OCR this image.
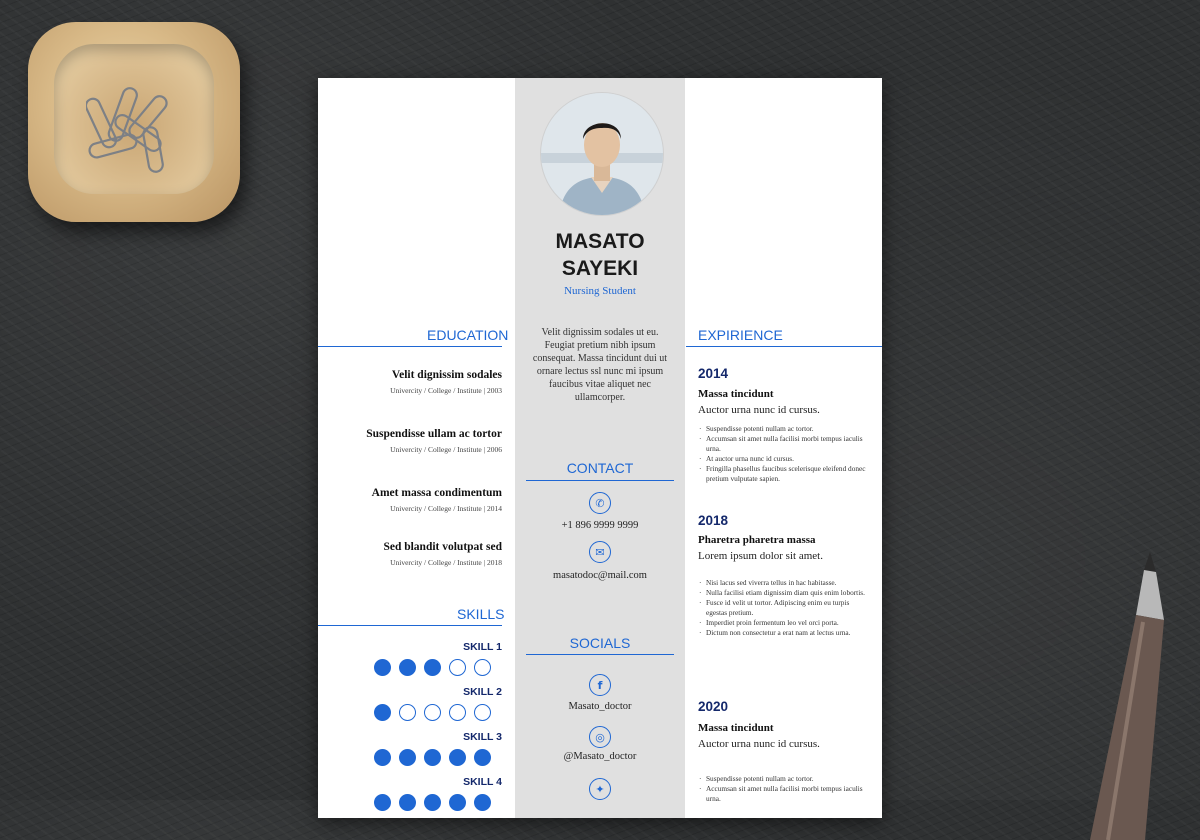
MASATO
SAYEKI
Nursing Student
Velit dignissim sodales ut eu. Feugiat pretium nibh ipsum consequat. Massa tincidunt dui ut ornare lectus ssl nunc mi ipsum faucibus vitae aliquet nec ullamcorper.
EDUCATION
Velit dignissim sodales
Univercity / College / Institute | 2003
Suspendisse ullam ac tortor
Univercity / College / Institute | 2006
Amet massa condimentum
Univercity / College / Institute | 2014
Sed blandit volutpat sed
Univercity / College / Institute | 2018
SKILLS
SKILL 1
SKILL 2
SKILL 3
SKILL 4
CONTACT
✆
+1 896 9999 9999
✉
masatodoc@mail.com
SOCIALS
f
Masato_doctor
◎
@Masato_doctor
✦
EXPIRIENCE
2014
Massa tincidunt
Auctor urna nunc id cursus.
· Suspendisse potenti nullam ac tortor.
· Accumsan sit amet nulla facilisi morbi tempus iaculis urna.
· At auctor urna nunc id cursus.
· Fringilla phasellus faucibus scelerisque eleifend donec pretium vulputate sapien.
2018
Pharetra pharetra massa
Lorem ipsum dolor sit amet.
· Nisi lacus sed viverra tellus in hac habitasse.
· Nulla facilisi etiam dignissim diam quis enim lobortis.
· Fusce id velit ut tortor. Adipiscing enim eu turpis egestas pretium.
· Imperdiet proin fermentum leo vel orci porta.
· Dictum non consectetur a erat nam at lectus urna.
2020
Massa tincidunt
Auctor urna nunc id cursus.
· Suspendisse potenti nullam ac tortor.
· Accumsan sit amet nulla facilisi morbi tempus iaculis urna.
